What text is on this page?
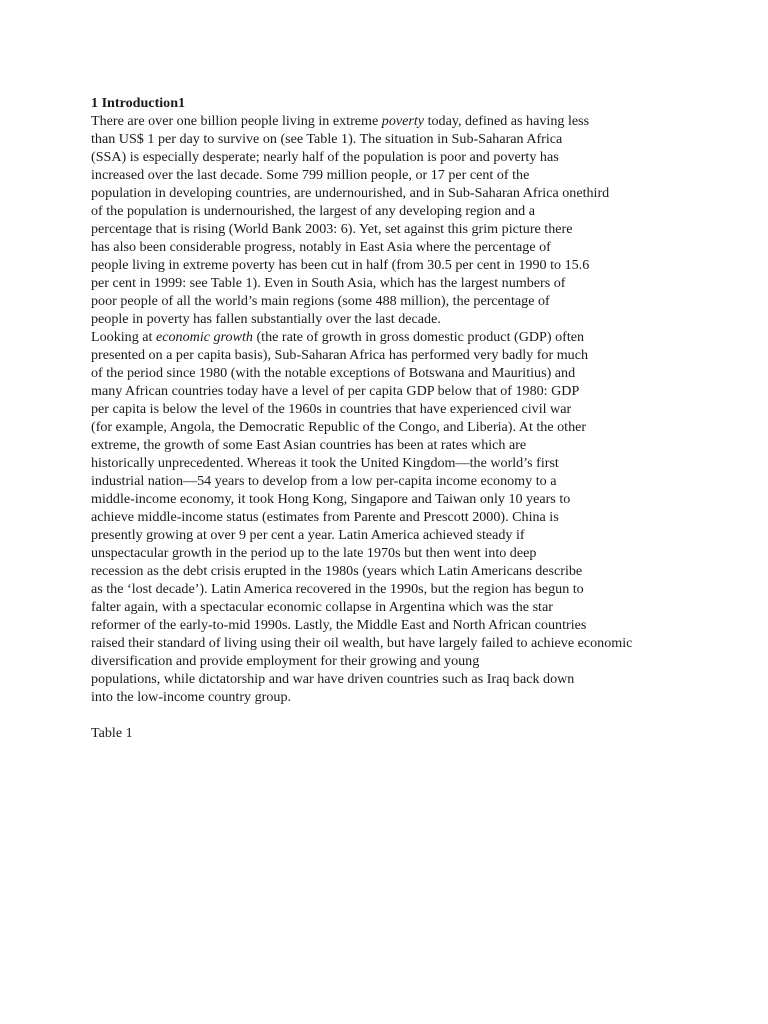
1 Introduction1
There are over one billion people living in extreme poverty today, defined as having less
than US$ 1 per day to survive on (see Table 1). The situation in Sub-Saharan Africa
(SSA) is especially desperate; nearly half of the population is poor and poverty has
increased over the last decade. Some 799 million people, or 17 per cent of the
population in developing countries, are undernourished, and in Sub-Saharan Africa onethird
of the population is undernourished, the largest of any developing region and a
percentage that is rising (World Bank 2003: 6). Yet, set against this grim picture there
has also been considerable progress, notably in East Asia where the percentage of
people living in extreme poverty has been cut in half (from 30.5 per cent in 1990 to 15.6
per cent in 1999: see Table 1). Even in South Asia, which has the largest numbers of
poor people of all the world’s main regions (some 488 million), the percentage of
people in poverty has fallen substantially over the last decade.
Looking at economic growth (the rate of growth in gross domestic product (GDP) often
presented on a per capita basis), Sub-Saharan Africa has performed very badly for much
of the period since 1980 (with the notable exceptions of Botswana and Mauritius) and
many African countries today have a level of per capita GDP below that of 1980: GDP
per capita is below the level of the 1960s in countries that have experienced civil war
(for example, Angola, the Democratic Republic of the Congo, and Liberia). At the other
extreme, the growth of some East Asian countries has been at rates which are
historically unprecedented. Whereas it took the United Kingdom—the world’s first
industrial nation—54 years to develop from a low per-capita income economy to a
middle-income economy, it took Hong Kong, Singapore and Taiwan only 10 years to
achieve middle-income status (estimates from Parente and Prescott 2000). China is
presently growing at over 9 per cent a year. Latin America achieved steady if
unspectacular growth in the period up to the late 1970s but then went into deep
recession as the debt crisis erupted in the 1980s (years which Latin Americans describe
as the ‘lost decade’). Latin America recovered in the 1990s, but the region has begun to
falter again, with a spectacular economic collapse in Argentina which was the star
reformer of the early-to-mid 1990s. Lastly, the Middle East and North African countries
raised their standard of living using their oil wealth, but have largely failed to achieve economic
diversification and provide employment for their growing and young
populations, while dictatorship and war have driven countries such as Iraq back down
into the low-income country group.
Table 1
